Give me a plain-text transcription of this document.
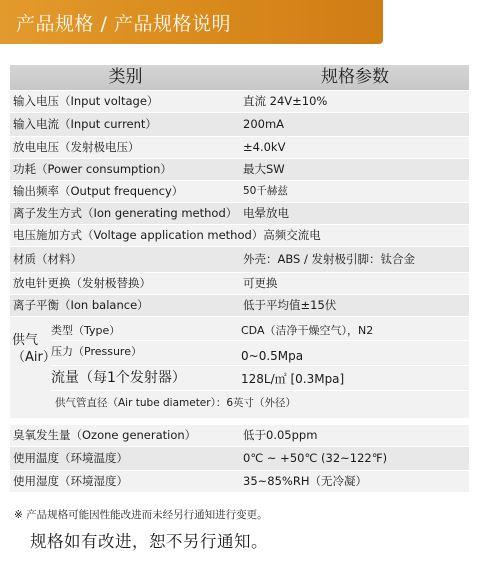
产品规格 / 产品规格说明
类别	规格参数
输入电压（Input voltage）	直流 24V±10%
输入电流（Input current）	200mA
放电电压（发射极电压）	±4.0kV
功耗（Power consumption）	最大SW
输出频率（Output frequency）	50千赫兹
离子发生方式（Ion generating method） 电晕放电
电压施加方式（Voltage application method） 高频交流电
材质（材料）	外壳：ABS / 发射极引脚：钛合金
放电针更换（发射极替换）	可更换
离子平衡（Ion balance）	低于平均值±15伏
供气（Air）
类型（Type）	CDA（洁净干燥空气），N2
压力（Pressure）	0~0.5Mpa
流量（每1个发射器）	128L/㎡ [0.3Mpa]
供气管直径（Air tube diameter）：6英寸（外径）
臭氧发生量（Ozone generation）	低于0.05ppm
使用温度（环境温度）	0℃ ~ +50℃ (32~122℉)
使用湿度（环境湿度）	35~85%RH（无冷凝）
※ 产品规格可能因性能改进而未经另行通知进行变更。
规格如有改进，恕不另行通知。
